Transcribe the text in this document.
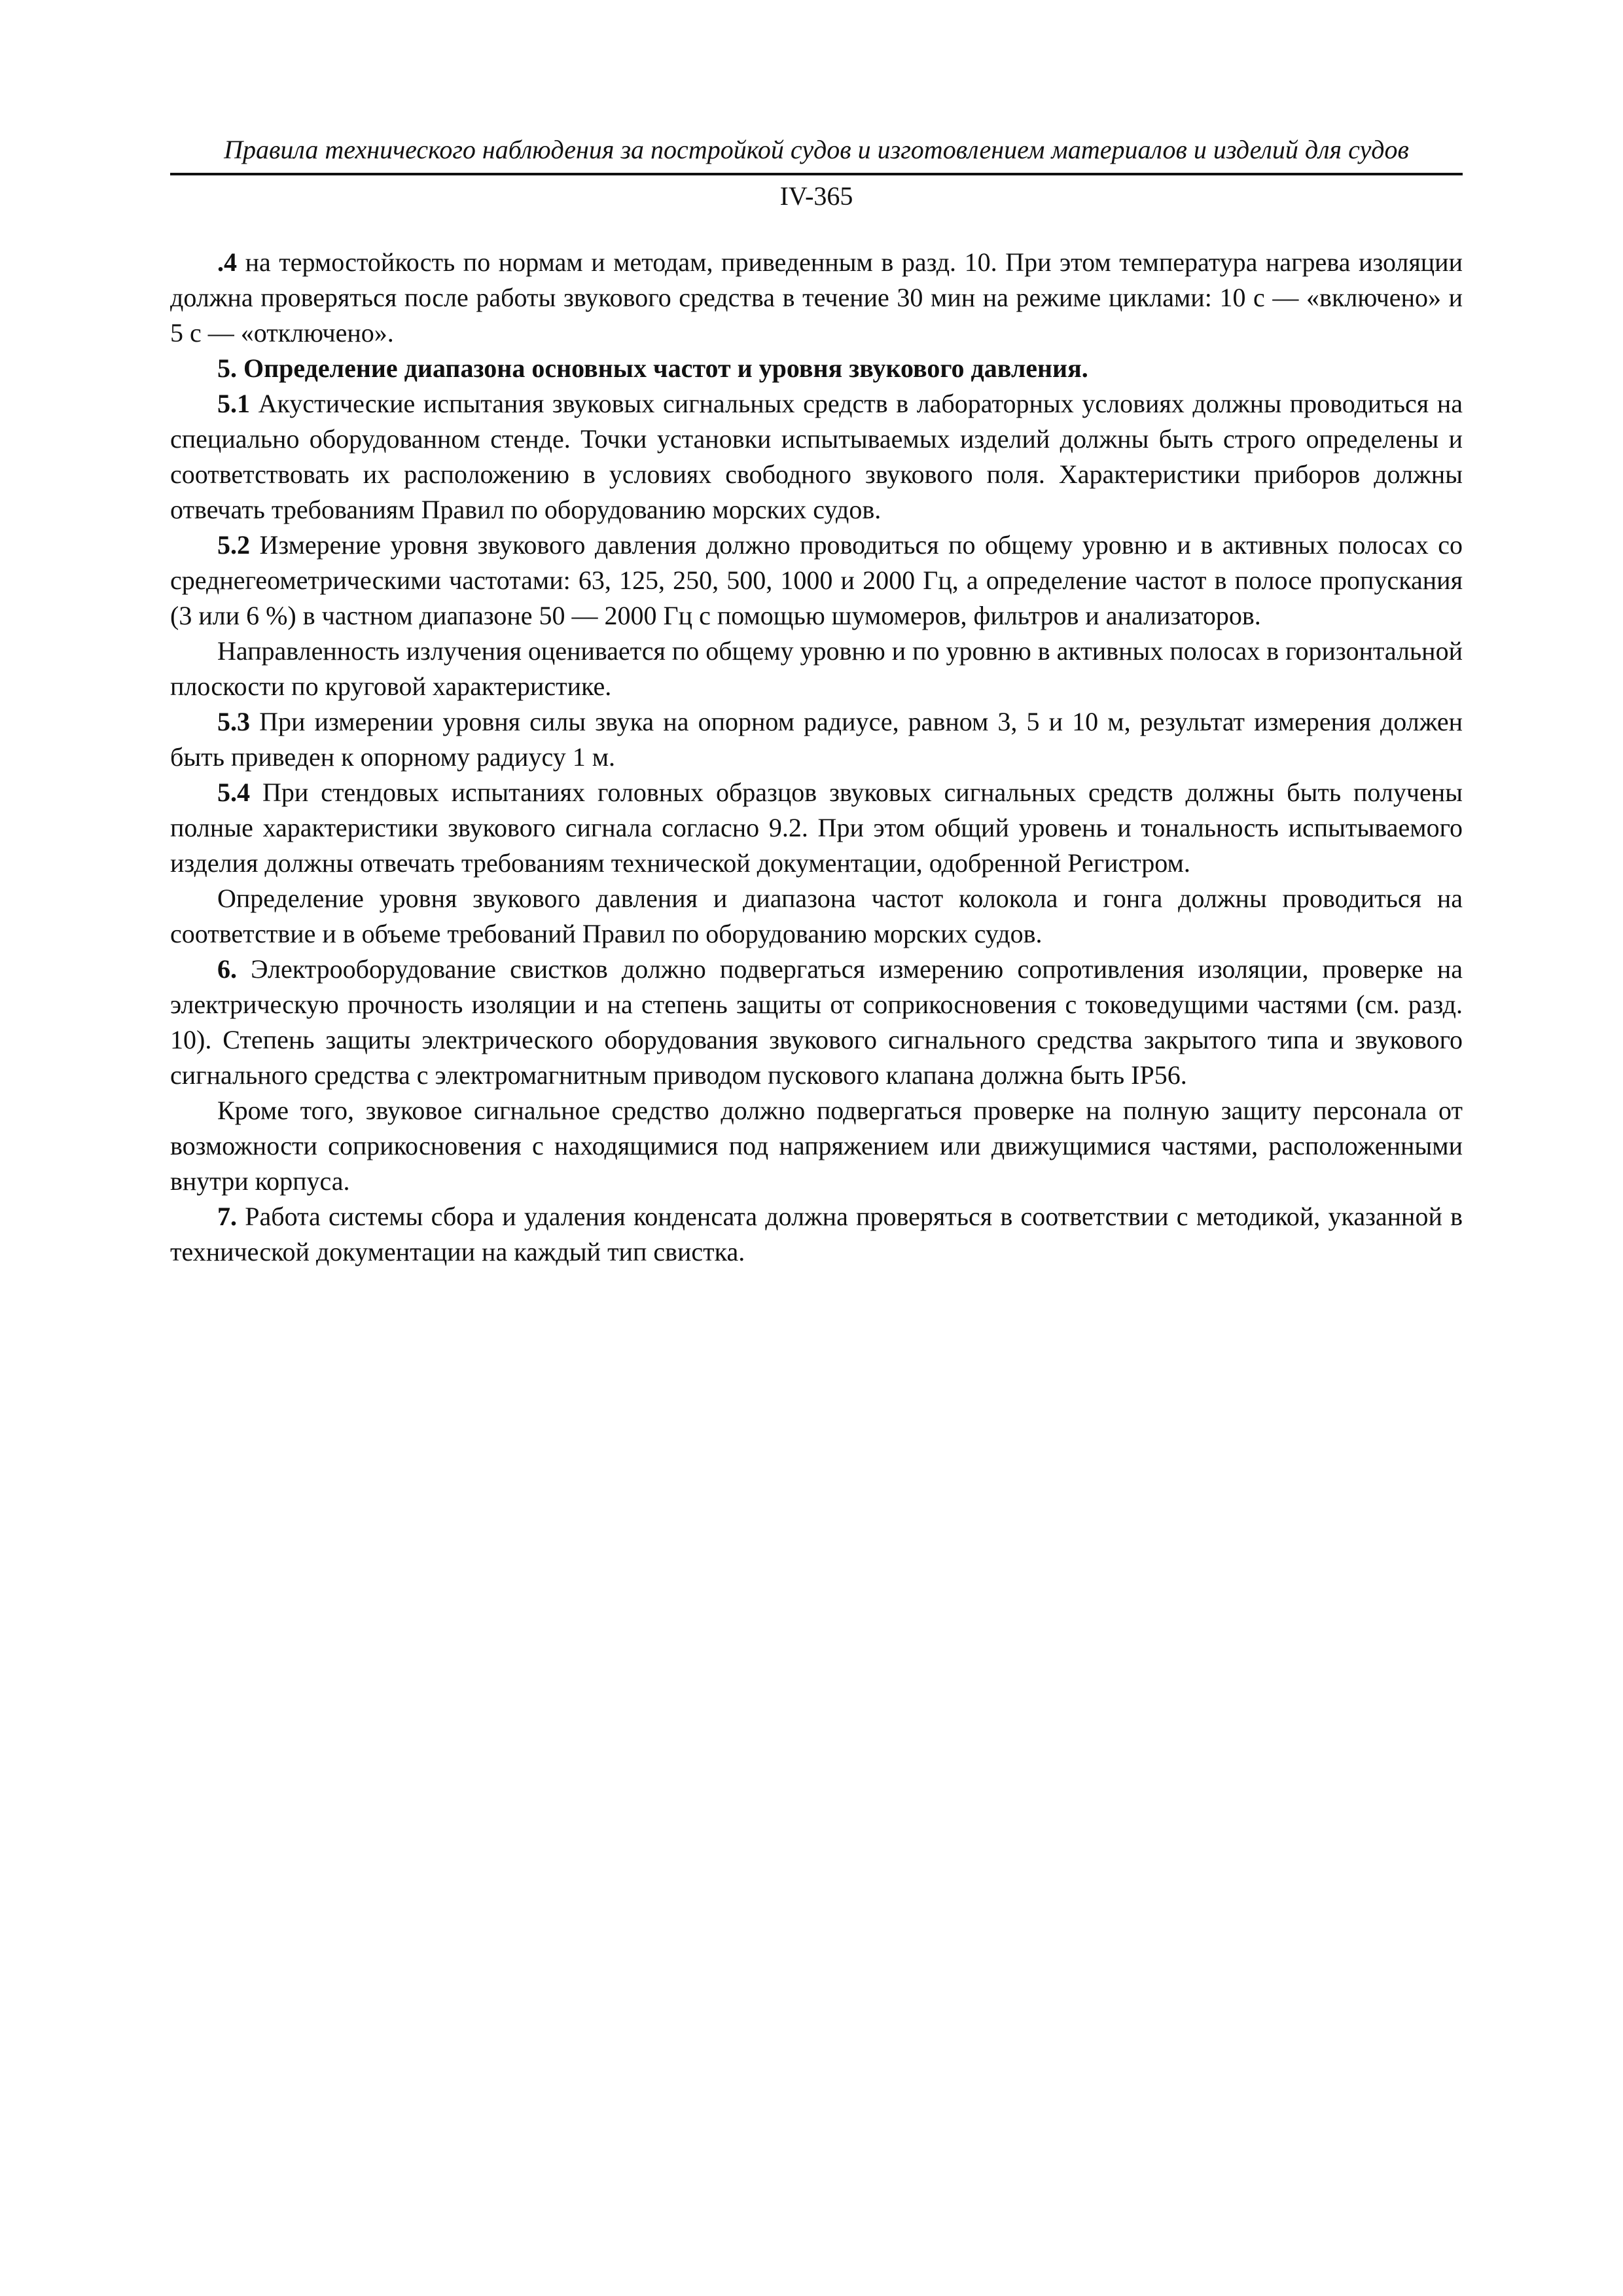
Правила технического наблюдения за постройкой судов и изготовлением материалов и изделий для судов
IV-365

.4 на термостойкость по нормам и методам, приведенным в разд. 10. При этом температура нагрева изоляции должна проверяться после работы звукового средства в течение 30 мин на режиме циклами: 10 с — «включено» и 5 с — «отключено».

5. Определение диапазона основных частот и уровня звукового давления.

5.1 Акустические испытания звуковых сигнальных средств в лабораторных условиях должны проводиться на специально оборудованном стенде. Точки установки испытываемых изделий должны быть строго определены и соответствовать их расположению в условиях свободного звукового поля. Характеристики приборов должны отвечать требованиям Правил по оборудованию морских судов.

5.2 Измерение уровня звукового давления должно проводиться по общему уровню и в активных полосах со среднегеометрическими частотами: 63, 125, 250, 500, 1000 и 2000 Гц, а определение частот в полосе пропускания (3 или 6 %) в частном диапазоне 50 — 2000 Гц с помощью шумомеров, фильтров и анализаторов.

Направленность излучения оценивается по общему уровню и по уровню в активных полосах в горизонтальной плоскости по круговой характеристике.

5.3 При измерении уровня силы звука на опорном радиусе, равном 3, 5 и 10 м, результат измерения должен быть приведен к опорному радиусу 1 м.

5.4 При стендовых испытаниях головных образцов звуковых сигнальных средств должны быть получены полные характеристики звукового сигнала согласно 9.2. При этом общий уровень и тональность испытываемого изделия должны отвечать требованиям технической документации, одобренной Регистром.

Определение уровня звукового давления и диапазона частот колокола и гонга должны проводиться на соответствие и в объеме требований Правил по оборудованию морских судов.

6. Электрооборудование свистков должно подвергаться измерению сопротивления изоляции, проверке на электрическую прочность изоляции и на степень защиты от соприкосновения с токоведущими частями (см. разд. 10). Степень защиты электрического оборудования звукового сигнального средства закрытого типа и звукового сигнального средства с электромагнитным приводом пускового клапана должна быть IP56.

Кроме того, звуковое сигнальное средство должно подвергаться проверке на полную защиту персонала от возможности соприкосновения с находящимися под напряжением или движущимися частями, расположенными внутри корпуса.

7. Работа системы сбора и удаления конденсата должна проверяться в соответствии с методикой, указанной в технической документации на каждый тип свистка.
